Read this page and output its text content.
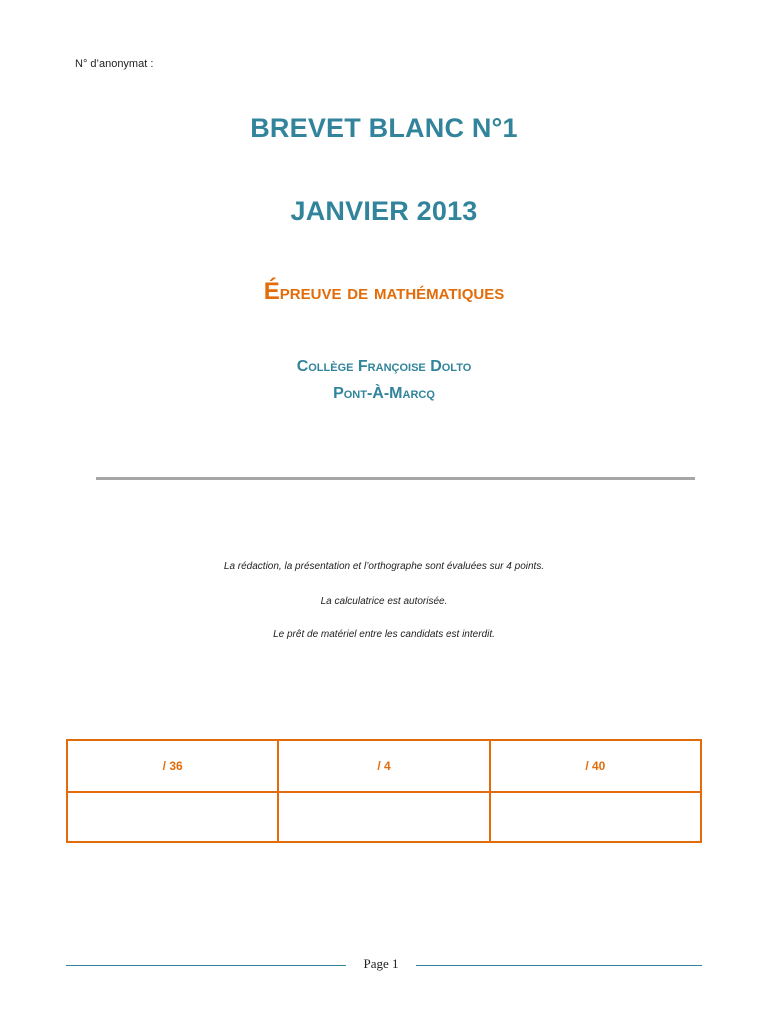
N° d’anonymat :
BREVET BLANC N°1
JANVIER 2013
Épreuve de mathématiques
Collège Françoise Dolto
Pont-À-Marcq
La rédaction, la présentation et l’orthographe sont évaluées sur 4 points.
La calculatrice est autorisée.
Le prêt de matériel entre les candidats est interdit.
/ 36	/ 4	/ 40

Page 1
